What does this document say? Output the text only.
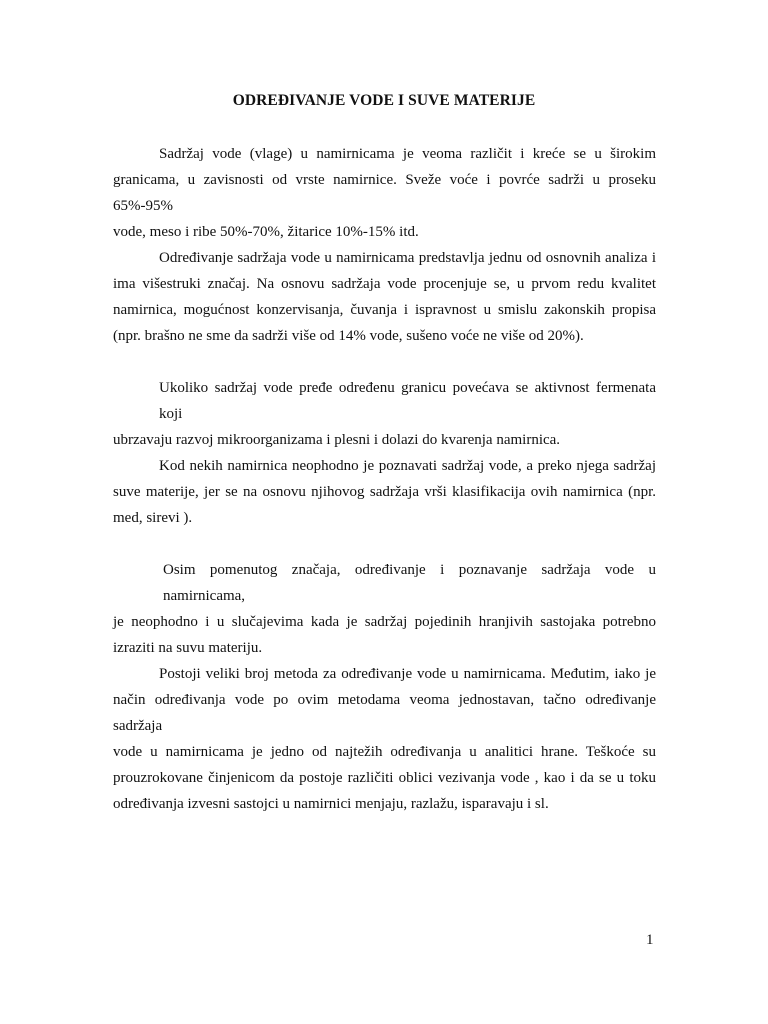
ODREĐIVANJE VODE I SUVE MATERIJE

Sadržaj vode (vlage) u namirnicama je veoma različit i kreće se u širokim
granicama, u zavisnosti od vrste namirnice. Sveže voće i povrće sadrži u proseku 65%-95%
vode, meso i ribe 50%-70%, žitarice 10%-15% itd.

Određivanje sadržaja vode u namirnicama predstavlja jednu od osnovnih analiza i
ima višestruki značaj. Na osnovu sadržaja vode procenjuje se, u prvom redu kvalitet
namirnica, mogućnost konzervisanja, čuvanja i ispravnost u smislu zakonskih propisa
(npr. brašno ne sme da sadrži više od 14% vode, sušeno voće ne više od 20%).

Ukoliko sadržaj vode pređe određenu granicu povećava se aktivnost fermenata koji
ubrzavaju razvoj mikroorganizama i plesni i dolazi do kvarenja namirnica.

Kod nekih namirnica neophodno je poznavati sadržaj vode, a preko njega sadržaj
suve materije, jer se na osnovu njihovog sadržaja vrši klasifikacija ovih namirnica (npr.
med, sirevi ).

Osim pomenutog značaja, određivanje i poznavanje sadržaja vode u namirnicama,
je neophodno i u slučajevima kada je sadržaj pojedinih hranjivih sastojaka potrebno
izraziti na suvu materiju.

Postoji veliki broj metoda za određivanje vode u namirnicama. Međutim, iako je
način određivanja vode po ovim metodama veoma jednostavan, tačno određivanje sadržaja
vode u namirnicama je jedno od najtežih određivanja u analitici hrane. Teškoće su
prouzrokovane činjenicom da postoje različiti oblici vezivanja vode , kao i da se u toku
određivanja izvesni sastojci u namirnici menjaju, razlažu, isparavaju i sl.

1
